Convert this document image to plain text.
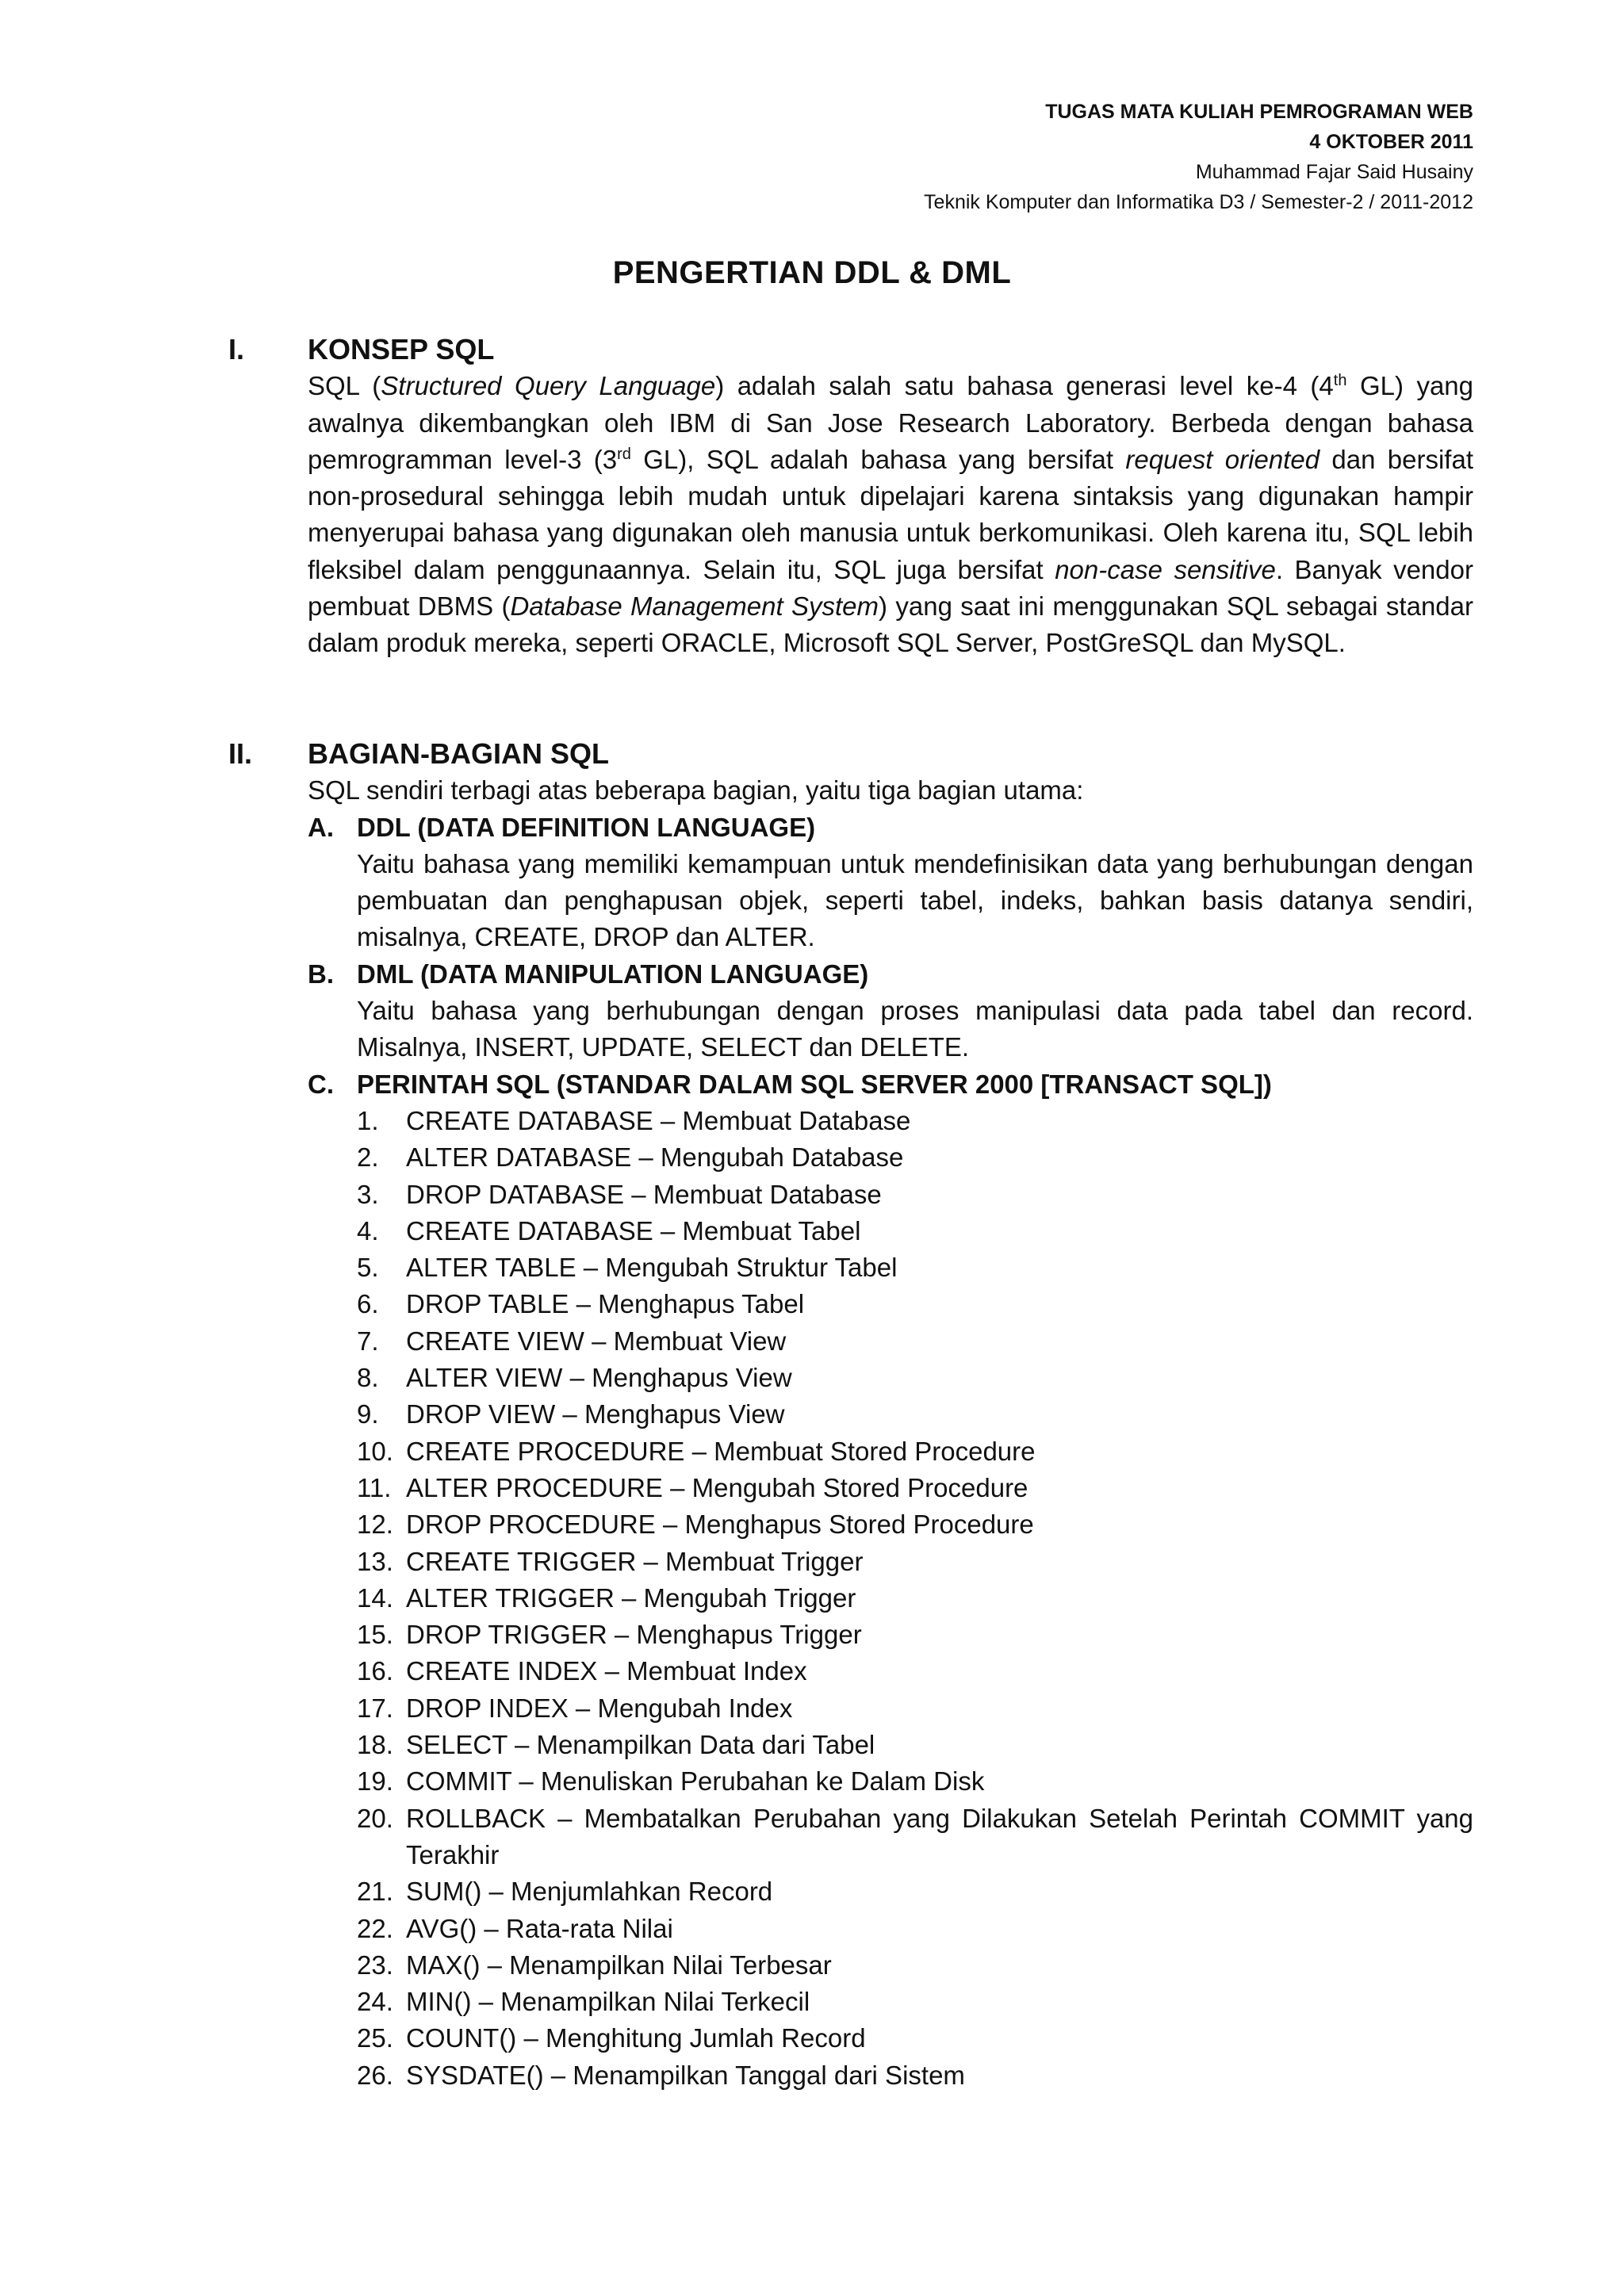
TUGAS MATA KULIAH PEMROGRAMAN WEB
4 OKTOBER 2011
Muhammad Fajar Said Husainy
Teknik Komputer dan Informatika D3 / Semester-2 / 2011-2012
PENGERTIAN DDL & DML
I. KONSEP SQL
SQL (Structured Query Language) adalah salah satu bahasa generasi level ke-4 (4th GL) yang awalnya dikembangkan oleh IBM di San Jose Research Laboratory. Berbeda dengan bahasa pemrogramman level-3 (3rd GL), SQL adalah bahasa yang bersifat request oriented dan bersifat non-prosedural sehingga lebih mudah untuk dipelajari karena sintaksis yang digunakan hampir menyerupai bahasa yang digunakan oleh manusia untuk berkomunikasi. Oleh karena itu, SQL lebih fleksibel dalam penggunaannya. Selain itu, SQL juga bersifat non-case sensitive. Banyak vendor pembuat DBMS (Database Management System) yang saat ini menggunakan SQL sebagai standar dalam produk mereka, seperti ORACLE, Microsoft SQL Server, PostGreSQL dan MySQL.
II. BAGIAN-BAGIAN SQL
SQL sendiri terbagi atas beberapa bagian, yaitu tiga bagian utama:
A. DDL (DATA DEFINITION LANGUAGE)
Yaitu bahasa yang memiliki kemampuan untuk mendefinisikan data yang berhubungan dengan pembuatan dan penghapusan objek, seperti tabel, indeks, bahkan basis datanya sendiri, misalnya, CREATE, DROP dan ALTER.
B. DML (DATA MANIPULATION LANGUAGE)
Yaitu bahasa yang berhubungan dengan proses manipulasi data pada tabel dan record. Misalnya, INSERT, UPDATE, SELECT dan DELETE.
C. PERINTAH SQL (STANDAR DALAM SQL SERVER 2000 [TRANSACT SQL])
1. CREATE DATABASE – Membuat Database
2. ALTER DATABASE – Mengubah Database
3. DROP DATABASE – Membuat Database
4. CREATE DATABASE – Membuat Tabel
5. ALTER TABLE – Mengubah Struktur Tabel
6. DROP TABLE – Menghapus Tabel
7. CREATE VIEW – Membuat View
8. ALTER VIEW – Menghapus View
9. DROP VIEW – Menghapus View
10. CREATE PROCEDURE – Membuat Stored Procedure
11. ALTER PROCEDURE – Mengubah Stored Procedure
12. DROP PROCEDURE – Menghapus Stored Procedure
13. CREATE TRIGGER – Membuat Trigger
14. ALTER TRIGGER – Mengubah Trigger
15. DROP TRIGGER – Menghapus Trigger
16. CREATE INDEX – Membuat Index
17. DROP INDEX – Mengubah Index
18. SELECT – Menampilkan Data dari Tabel
19. COMMIT – Menuliskan Perubahan ke Dalam Disk
20. ROLLBACK – Membatalkan Perubahan yang Dilakukan Setelah Perintah COMMIT yang Terakhir
21. SUM() – Menjumlahkan Record
22. AVG() – Rata-rata Nilai
23. MAX() – Menampilkan Nilai Terbesar
24. MIN() – Menampilkan Nilai Terkecil
25. COUNT() – Menghitung Jumlah Record
26. SYSDATE() – Menampilkan Tanggal dari Sistem
